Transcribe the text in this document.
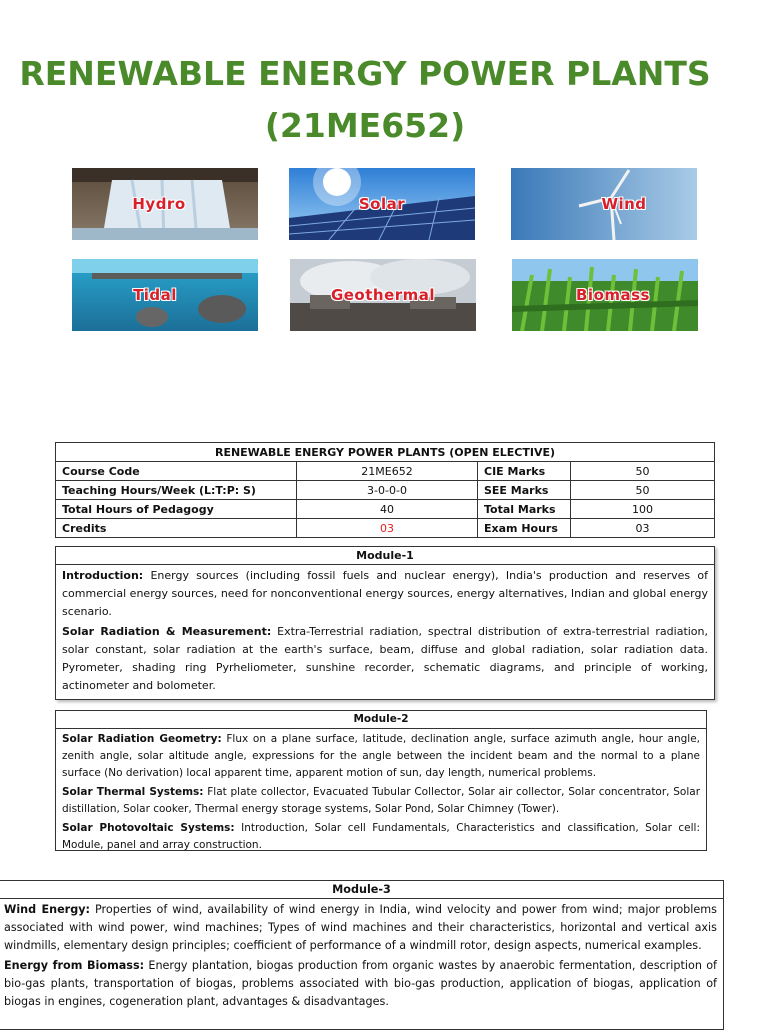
RENEWABLE ENERGY POWER PLANTS
(21ME652)
Hydro	Solar	Wind
Tidal	Geothermal	Biomass
RENEWABLE ENERGY POWER PLANTS (OPEN ELECTIVE)			
Course Code	21ME652	CIE Marks	50
Teaching Hours/Week (L:T:P: S)	3-0-0-0	SEE Marks	50
Total Hours of Pedagogy	40	Total Marks	100
Credits	03	Exam Hours	03
Module-1

Introduction: Energy sources (including fossil fuels and nuclear energy), India's production and reserves of commercial energy sources, need for nonconventional energy sources, energy alternatives, Indian and global energy scenario.

Solar Radiation & Measurement: Extra-Terrestrial radiation, spectral distribution of extra-terrestrial radiation, solar constant, solar radiation at the earth's surface, beam, diffuse and global radiation, solar radiation data. Pyrometer, shading ring Pyrheliometer, sunshine recorder, schematic diagrams, and principle of working, actinometer and bolometer.

Module-2

Solar Radiation Geometry: Flux on a plane surface, latitude, declination angle, surface azimuth angle, hour angle, zenith angle, solar altitude angle, expressions for the angle between the incident beam and the normal to a plane surface (No derivation) local apparent time, apparent motion of sun, day length, numerical problems.

Solar Thermal Systems: Flat plate collector, Evacuated Tubular Collector, Solar air collector, Solar concentrator, Solar distillation, Solar cooker, Thermal energy storage systems, Solar Pond, Solar Chimney (Tower).

Solar Photovoltaic Systems: Introduction, Solar cell Fundamentals, Characteristics and classification, Solar cell: Module, panel and array construction.

Module-3

Wind Energy: Properties of wind, availability of wind energy in India, wind velocity and power from wind; major problems associated with wind power, wind machines; Types of wind machines and their characteristics, horizontal and vertical axis windmills, elementary design principles; coefficient of performance of a windmill rotor, design aspects, numerical examples.

Energy from Biomass: Energy plantation, biogas production from organic wastes by anaerobic fermentation, description of bio-gas plants, transportation of biogas, problems associated with bio-gas production, application of biogas, application of biogas in engines, cogeneration plant, advantages & disadvantages.
